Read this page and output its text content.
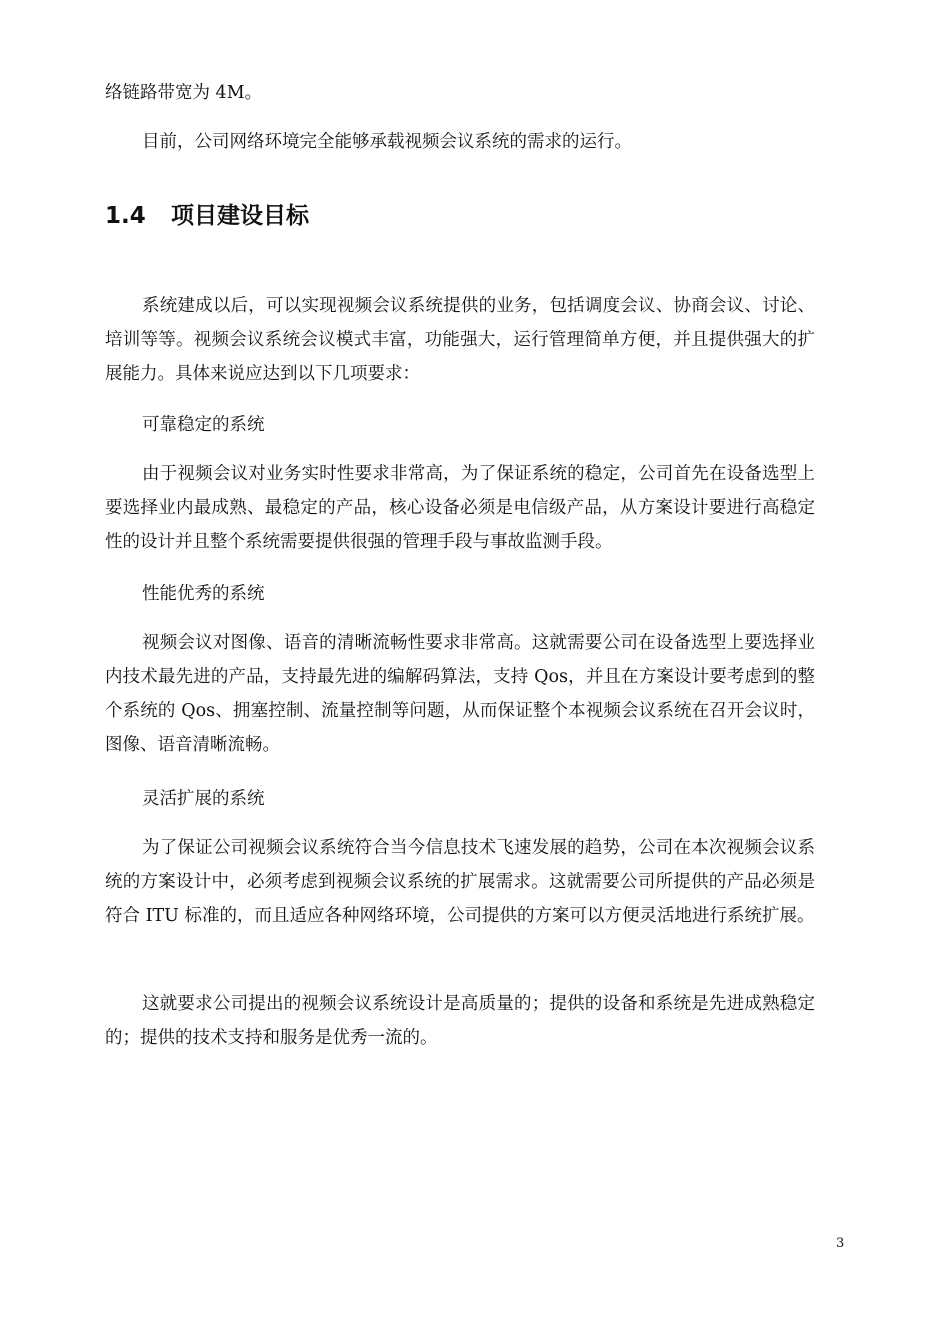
络链路带宽为 4M。

目前，公司网络环境完全能够承载视频会议系统的需求的运行。

1.4 项目建设目标

系统建成以后，可以实现视频会议系统提供的业务，包括调度会议、协商会议、讨论、培训等等。视频会议系统会议模式丰富，功能强大，运行管理简单方便，并且提供强大的扩展能力。具体来说应达到以下几项要求：

可靠稳定的系统

由于视频会议对业务实时性要求非常高，为了保证系统的稳定，公司首先在设备选型上要选择业内最成熟、最稳定的产品，核心设备必须是电信级产品，从方案设计要进行高稳定性的设计并且整个系统需要提供很强的管理手段与事故监测手段。

性能优秀的系统

视频会议对图像、语音的清晰流畅性要求非常高。这就需要公司在设备选型上要选择业内技术最先进的产品，支持最先进的编解码算法，支持 Qos，并且在方案设计要考虑到的整个系统的 Qos、拥塞控制、流量控制等问题，从而保证整个本视频会议系统在召开会议时，图像、语音清晰流畅。

灵活扩展的系统

为了保证公司视频会议系统符合当今信息技术飞速发展的趋势，公司在本次视频会议系统的方案设计中，必须考虑到视频会议系统的扩展需求。这就需要公司所提供的产品必须是符合 ITU 标准的，而且适应各种网络环境，公司提供的方案可以方便灵活地进行系统扩展。

这就要求公司提出的视频会议系统设计是高质量的；提供的设备和系统是先进成熟稳定的；提供的技术支持和服务是优秀一流的。

3
